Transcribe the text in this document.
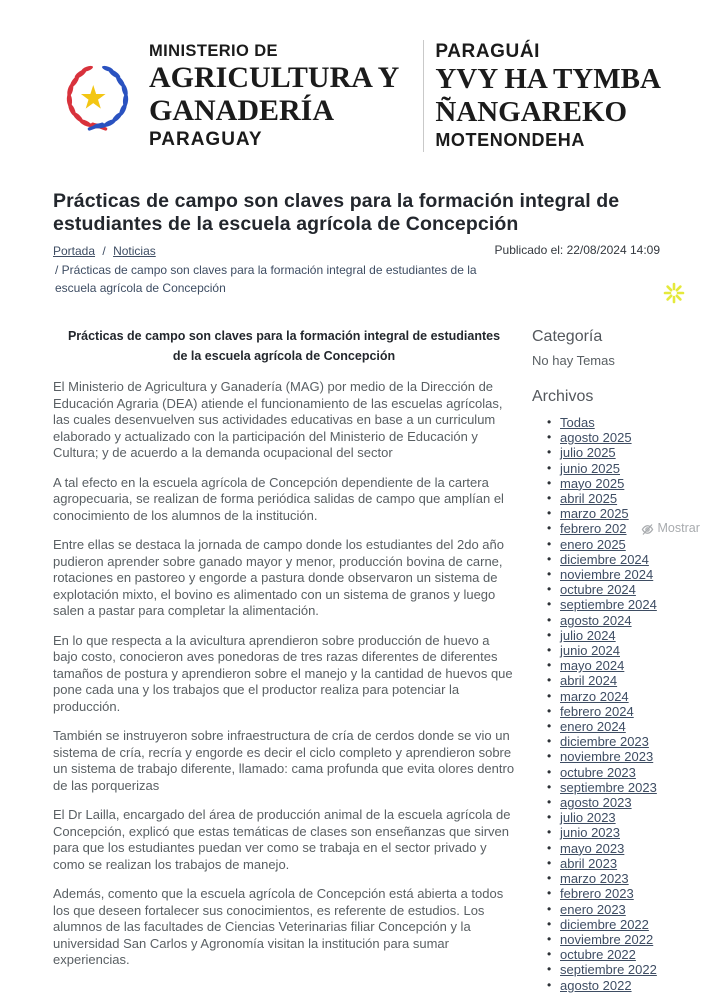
MINISTERIO DE
AGRICULTURA Y
GANADERÍA
PARAGUAY
PARAGUÁI
YVY HA TYMBA
ÑANGAREKO
MOTENONDEHA
Prácticas de campo son claves para la formación integral de estudiantes de la escuela agrícola de Concepción
Portada / Noticias
/ Prácticas de campo son claves para la formación integral de estudiantes de la escuela agrícola de Concepción
Publicado el: 22/08/2024 14:09
Prácticas de campo son claves para la formación integral de estudiantes de la escuela agrícola de Concepción

El Ministerio de Agricultura y Ganadería (MAG) por medio de la Dirección de Educación Agraria (DEA) atiende el funcionamiento de las escuelas agrícolas, las cuales desenvuelven sus actividades educativas en base a un curriculum elaborado y actualizado con la participación del Ministerio de Educación y Cultura; y de acuerdo a la demanda ocupacional del sector

A tal efecto en la escuela agrícola de Concepción dependiente de la cartera agropecuaria, se realizan de forma periódica salidas de campo que amplían el conocimiento de los alumnos de la institución.

Entre ellas se destaca la jornada de campo donde los estudiantes del 2do año pudieron aprender sobre ganado mayor y menor, producción bovina de carne, rotaciones en pastoreo y engorde a pastura donde observaron un sistema de explotación mixto, el bovino es alimentado con un sistema de granos y luego salen a pastar para completar la alimentación.

En lo que respecta a la avicultura aprendieron sobre producción de huevo a bajo costo, conocieron aves ponedoras de tres razas diferentes de diferentes tamaños de postura y aprendieron sobre el manejo y la cantidad de huevos que pone cada una y los trabajos que el productor realiza para potenciar la producción.

También se instruyeron sobre infraestructura de cría de cerdos donde se vio un sistema de cría, recría y engorde es decir el ciclo completo y aprendieron sobre un sistema de trabajo diferente, llamado: cama profunda que evita olores dentro de las porquerizas

El Dr Lailla, encargado del área de producción animal de la escuela agrícola de Concepción, explicó que estas temáticas de clases son enseñanzas que sirven para que los estudiantes puedan ver como se trabaja en el sector privado y como se realizan los trabajos de manejo.

Además, comento que la escuela agrícola de Concepción está abierta a todos los que deseen fortalecer sus conocimientos, es referente de estudios. Los alumnos de las facultades de Ciencias Veterinarias filiar Concepción y la universidad San Carlos y Agronomía visitan la institución para sumar experiencias.

Categoría
No hay Temas
Archivos
• Todas
• agosto 2025
• julio 2025
• junio 2025
• mayo 2025
• abril 2025
• marzo 2025
• febrero 202 Mostrar
• enero 2025
• diciembre 2024
• noviembre 2024
• octubre 2024
• septiembre 2024
• agosto 2024
• julio 2024
• junio 2024
• mayo 2024
• abril 2024
• marzo 2024
• febrero 2024
• enero 2024
• diciembre 2023
• noviembre 2023
• octubre 2023
• septiembre 2023
• agosto 2023
• julio 2023
• junio 2023
• mayo 2023
• abril 2023
• marzo 2023
• febrero 2023
• enero 2023
• diciembre 2022
• noviembre 2022
• octubre 2022
• septiembre 2022
• agosto 2022
